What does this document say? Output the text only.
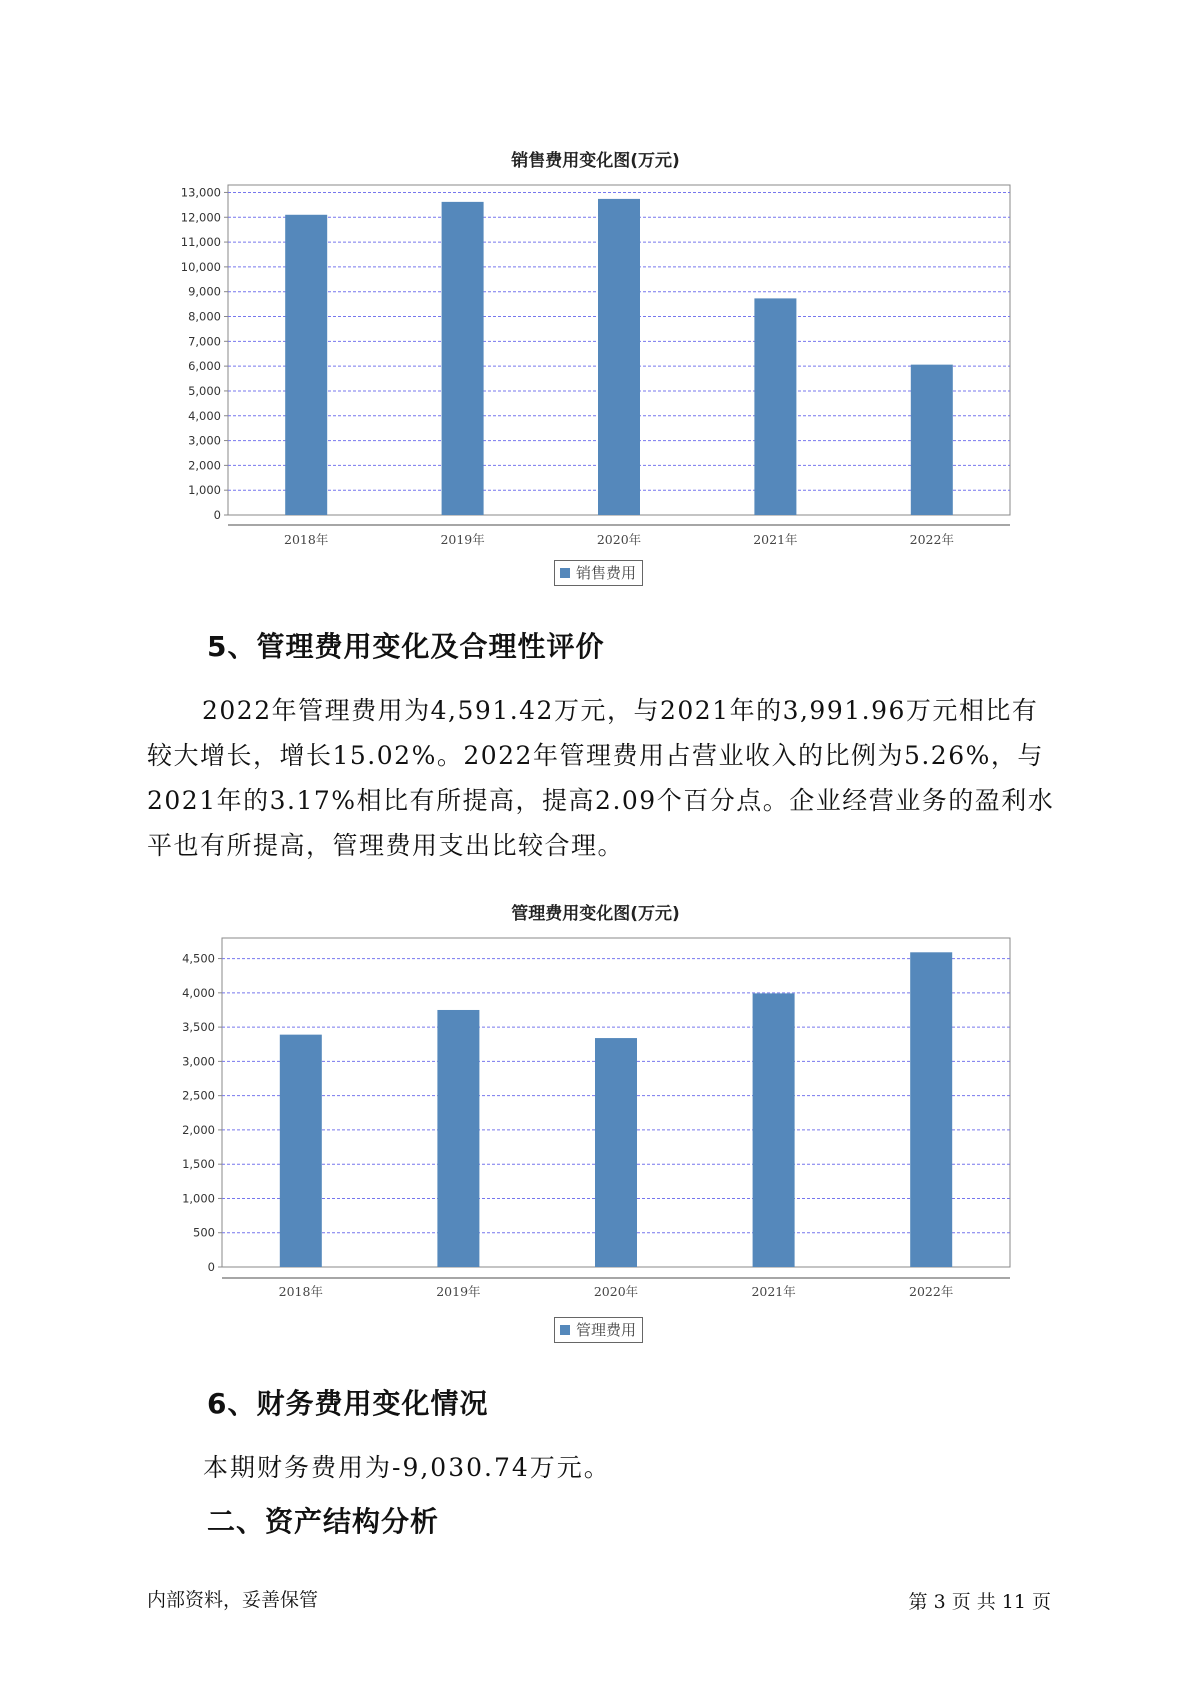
销售费用变化图(万元)
0
1,000
2,000
3,000
4,000
5,000
6,000
7,000
8,000
9,000
10,000
11,000
12,000
13,000
2018年	2019年	2020年	2021年	2022年
销售费用
5、管理费用变化及合理性评价

2022年管理费用为4,591.42万元，与2021年的3,991.96万元相比有较大增长，增长15.02%。2022年管理费用占营业收入的比例为5.26%，与2021年的3.17%相比有所提高，提高2.09个百分点。企业经营业务的盈利水平也有所提高，管理费用支出比较合理。

管理费用变化图(万元)
0
500
1,000
1,500
2,000
2,500
3,000
3,500
4,000
4,500
2018年	2019年	2020年	2021年	2022年
管理费用
6、财务费用变化情况
本期财务费用为-9,030.74万元。
二、资产结构分析
内部资料，妥善保管	第 3 页 共 11 页
